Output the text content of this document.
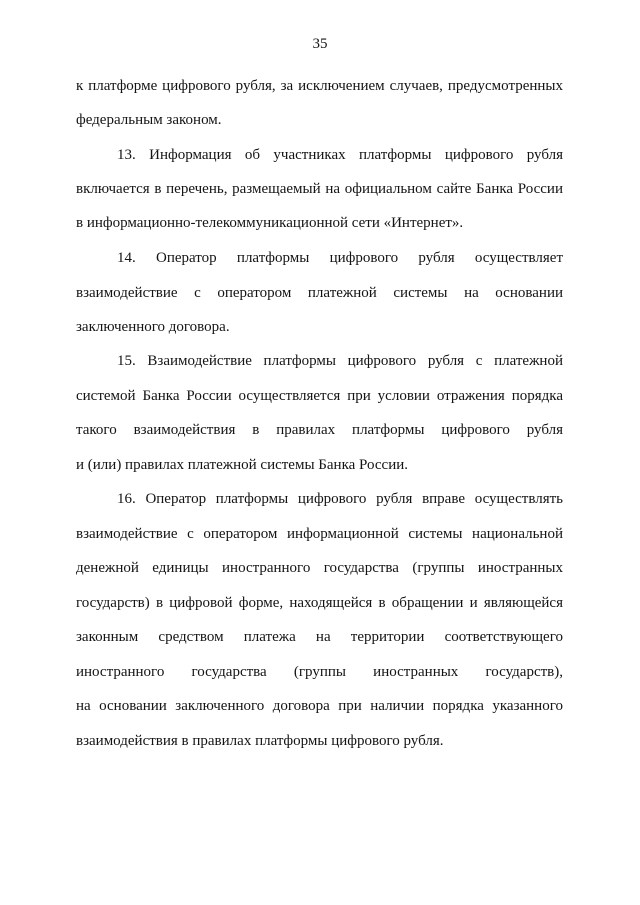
35
к платформе цифрового рубля, за исключением случаев, предусмотренных
федеральным законом.
13. Информация об участниках платформы цифрового рубля
включается в перечень, размещаемый на официальном сайте Банка России
в информационно-телекоммуникационной сети «Интернет».
14. Оператор платформы цифрового рубля осуществляет
взаимодействие с оператором платежной системы на основании
заключенного договора.
15. Взаимодействие платформы цифрового рубля с платежной
системой Банка России осуществляется при условии отражения порядка
такого взаимодействия в правилах платформы цифрового рубля
и (или) правилах платежной системы Банка России.
16. Оператор платформы цифрового рубля вправе осуществлять
взаимодействие с оператором информационной системы национальной
денежной единицы иностранного государства (группы иностранных
государств) в цифровой форме, находящейся в обращении и являющейся
законным средством платежа на территории соответствующего
иностранного государства (группы иностранных государств),
на основании заключенного договора при наличии порядка указанного
взаимодействия в правилах платформы цифрового рубля.
